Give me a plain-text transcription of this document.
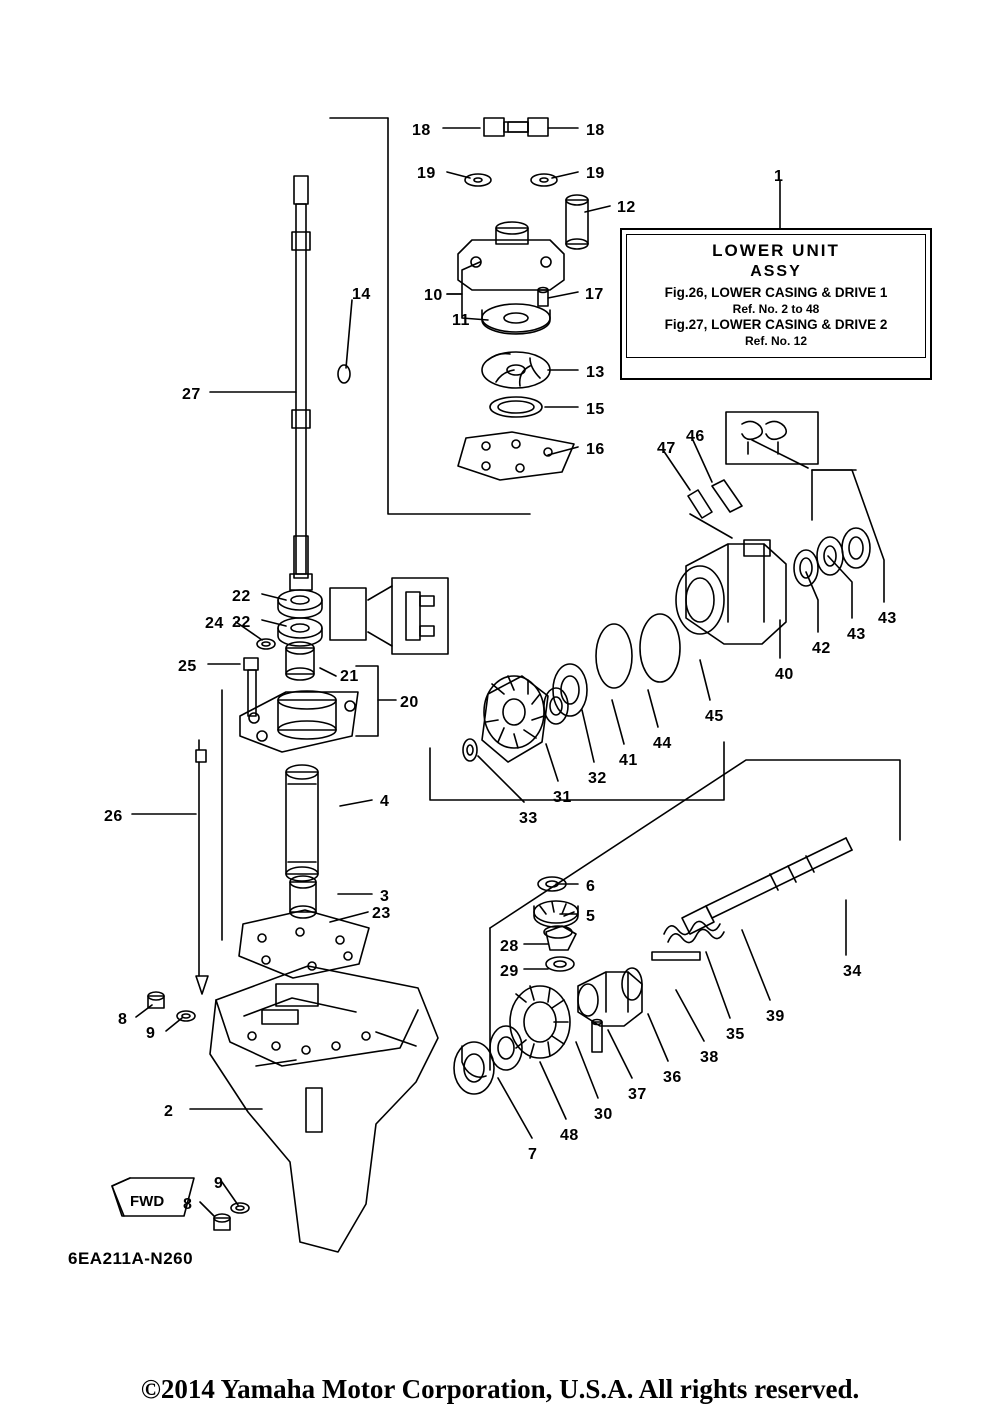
18	18
19	19
12
1
10
11
17
14
27
13
15
16	47
46
22
22
24
25
21
20
42
43
43
40
45
44
41
32
31
33
26
4
3
23
6
5
28
29	34
39
35
38
36
37
30
48
7
8
9
2
9
8
LOWER UNIT
ASSY
Fig.26, LOWER CASING & DRIVE 1
Ref. No. 2 to 48
Fig.27, LOWER CASING & DRIVE 2
Ref. No. 12
FWD
6EA211A-N260
©2014 Yamaha Motor Corporation, U.S.A. All rights reserved.
